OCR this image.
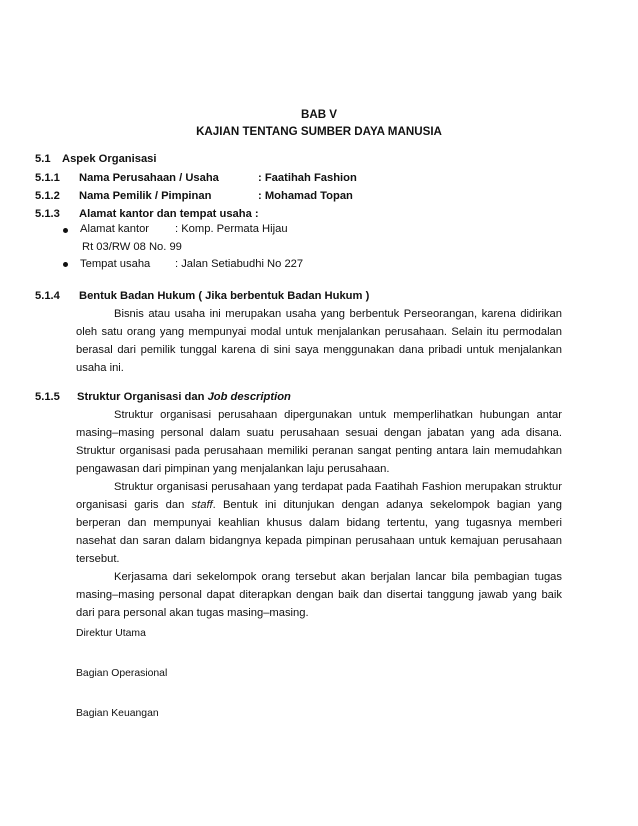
BAB V
KAJIAN TENTANG SUMBER DAYA MANUSIA
5.1 Aspek Organisasi
5.1.1 Nama Perusahaan / Usaha	: Faatihah Fashion
5.1.2 Nama Pemilik / Pimpinan	: Mohamad Topan
5.1.3 Alamat kantor dan tempat usaha :
Alamat kantor : Komp. Permata Hijau
Rt 03/RW 08 No. 99
Tempat usaha : Jalan Setiabudhi No 227
5.1.4 Bentuk Badan Hukum ( Jika berbentuk Badan Hukum )

Bisnis atau usaha ini merupakan usaha yang berbentuk Perseorangan, karena didirikan oleh satu orang yang mempunyai modal untuk menjalankan perusahaan. Selain itu permodalan berasal dari pemilik tunggal karena di sini saya menggunakan dana pribadi untuk menjalankan usaha ini.

5.1.5 Struktur Organisasi dan Job description

Struktur organisasi perusahaan dipergunakan untuk memperlihatkan hubungan antar masing–masing personal dalam suatu perusahaan sesuai dengan jabatan yang ada disana. Struktur organisasi pada perusahaan memiliki peranan sangat penting antara lain memudahkan pengawasan dari pimpinan yang menjalankan laju perusahaan.

Struktur organisasi perusahaan yang terdapat pada Faatihah Fashion merupakan struktur organisasi garis dan staff. Bentuk ini ditunjukan dengan adanya sekelompok bagian yang berperan dan mempunyai keahlian khusus dalam bidang tertentu, yang tugasnya memberi nasehat dan saran dalam bidangnya kepada pimpinan perusahaan untuk kemajuan perusahaan tersebut.

Kerjasama dari sekelompok orang tersebut akan berjalan lancar bila pembagian tugas masing–masing personal dapat diterapkan dengan baik dan disertai tanggung jawab yang baik dari para personal akan tugas masing–masing.

Direktur Utama
Bagian Operasional
Bagian Keuangan
